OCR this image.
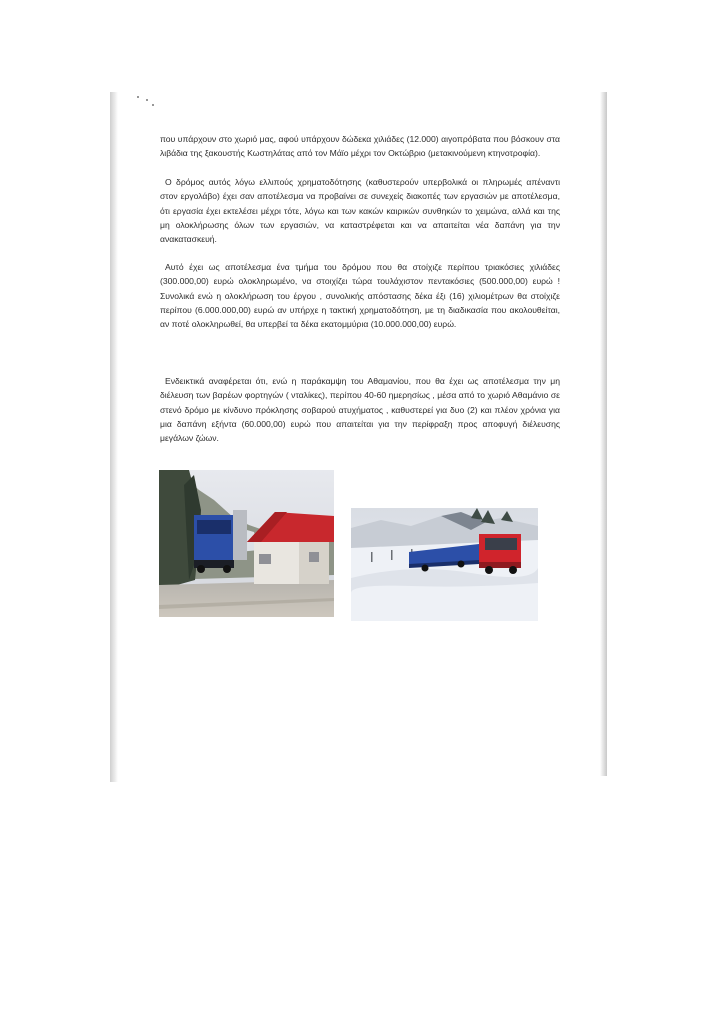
που υπάρχουν στο χωριό μας, αφού υπάρχουν δώδεκα χιλιάδες (12.000) αιγοπρόβατα που βόσκουν στα λιβάδια της ξακουστής Κωστηλάτας από τον Μάϊο μέχρι τον Οκτώβριο (μετακινούμενη κτηνοτροφία).

Ο δρόμος αυτός λόγω ελλιπούς χρηματοδότησης (καθυστερούν υπερβολικά οι πληρωμές απέναντι στον εργολάβο) έχει σαν αποτέλεσμα να προβαίνει σε συνεχείς διακοπές των εργασιών με αποτέλεσμα, ότι εργασία έχει εκτελέσει μέχρι τότε, λόγω και των κακών καιρικών συνθηκών το χειμώνα, αλλά και της μη ολοκλήρωσης όλων των εργασιών, να καταστρέφεται και να απαιτείται νέα δαπάνη για την ανακατασκευή.

Αυτό έχει ως αποτέλεσμα ένα τμήμα του δρόμου που θα στοίχιζε περίπου τριακόσιες χιλιάδες (300.000,00) ευρώ ολοκληρωμένο, να στοιχίζει τώρα τουλάχιστον πεντακόσιες (500.000,00) ευρώ ! Συνολικά ενώ η ολοκλήρωση του έργου , συνολικής απόστασης δέκα έξι (16) χιλιομέτρων θα στοίχιζε περίπου (6.000.000,00) ευρώ αν υπήρχε η τακτική χρηματοδότηση, με τη διαδικασία που ακολουθείται, αν ποτέ ολοκληρωθεί, θα υπερβεί τα δέκα εκατομμύρια (10.000.000,00) ευρώ.

Ενδεικτικά αναφέρεται ότι, ενώ η παράκαμψη του Αθαμανίου, που θα έχει ως αποτέλεσμα την μη διέλευση των βαρέων φορτηγών ( νταλίκες), περίπου 40-60 ημερησίως , μέσα από το χωριό Αθαμάνιο σε στενό δρόμο με κίνδυνο πρόκλησης σοβαρού ατυχήματος , καθυστερεί για δυο (2) και πλέον χρόνια για μια δαπάνη εξήντα (60.000,00) ευρώ που απαιτείται για την περίφραξη προς αποφυγή διέλευσης μεγάλων ζώων.
